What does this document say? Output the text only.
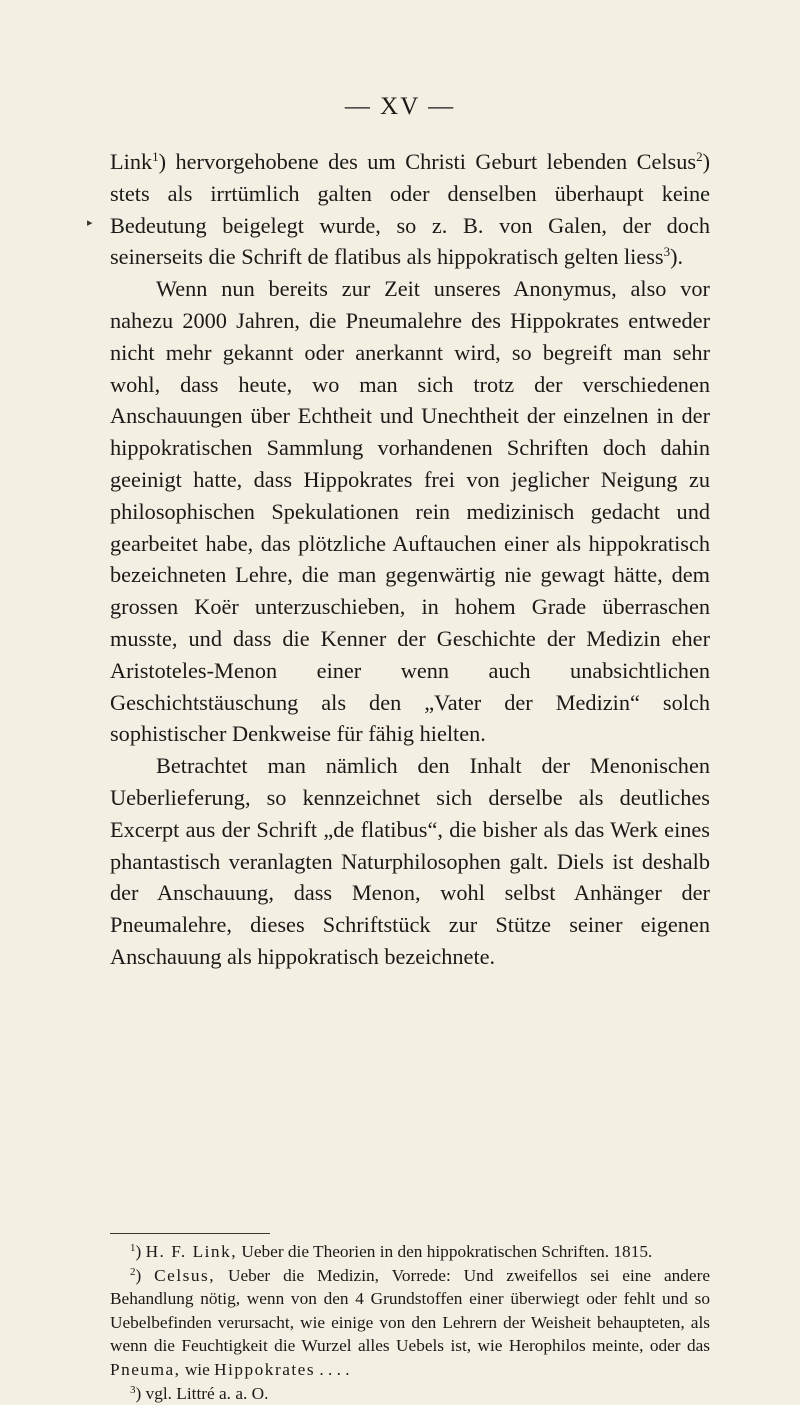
— XV —
▸

Link$^1$) hervorgehobene des um Christi Geburt lebenden Celsus$^2$) stets als irrtümlich galten oder denselben überhaupt keine Bedeutung beigelegt wurde, so z. B. von Galen, der doch seinerseits die Schrift de flatibus als hippokratisch gelten liess$^3$).

Wenn nun bereits zur Zeit unseres Anonymus, also vor nahezu 2000 Jahren, die Pneumalehre des Hippokrates entweder nicht mehr gekannt oder anerkannt wird, so begreift man sehr wohl, dass heute, wo man sich trotz der verschiedenen Anschauungen über Echtheit und Unechtheit der einzelnen in der hippokratischen Sammlung vorhandenen Schriften doch dahin geeinigt hatte, dass Hippokrates frei von jeglicher Neigung zu philosophischen Spekulationen rein medizinisch gedacht und gearbeitet habe, das plötzliche Auftauchen einer als hippokratisch bezeichneten Lehre, die man gegenwärtig nie gewagt hätte, dem grossen Koër unterzuschieben, in hohem Grade überraschen musste, und dass die Kenner der Geschichte der Medizin eher Aristoteles-Menon einer wenn auch unabsichtlichen Geschichtstäuschung als den „Vater der Medizin“ solch sophistischer Denkweise für fähig hielten.

Betrachtet man nämlich den Inhalt der Menonischen Ueberlieferung, so kennzeichnet sich derselbe als deutliches Excerpt aus der Schrift „de flatibus“, die bisher als das Werk eines phantastisch veranlagten Naturphilosophen galt. Diels ist deshalb der Anschauung, dass Menon, wohl selbst Anhänger der Pneumalehre, dieses Schriftstück zur Stütze seiner eigenen Anschauung als hippokratisch bezeichnete.

$^1$) H. F. Link, Ueber die Theorien in den hippokratischen Schriften. 1815.

$^2$) Celsus, Ueber die Medizin, Vorrede: Und zweifellos sei eine andere Behandlung nötig, wenn von den 4 Grundstoffen einer überwiegt oder fehlt und so Uebelbefinden verursacht, wie einige von den Lehrern der Weisheit behaupteten, als wenn die Feuchtigkeit die Wurzel alles Uebels ist, wie Herophilos meinte, oder das Pneuma, wie Hippokrates . . . .

$^3$) vgl. Littré a. a. O.
